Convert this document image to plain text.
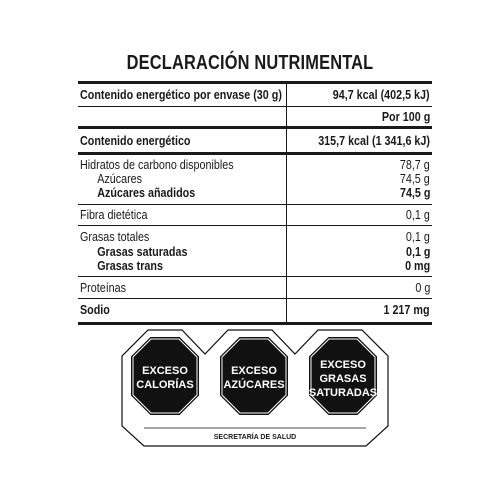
DECLARACIÓN NUTRIMENTAL
Contenido energético por envase (30 g)	94,7 kcal (402,5 kJ)
Por 100 g
Contenido energético	315,7 kcal (1 341,6 kJ)
Hidratos de carbono disponibles	78,7 g
Azúcares	74,5 g
Azúcares añadidos	74,5 g
Fibra dietética	0,1 g
Grasas totales	0,1 g
Grasas saturadas	0,1 g
Grasas trans	0 mg
Proteínas	0 g
Sodio	1 217 mg
EXCESO
CALORÍAS
EXCESO
AZÚCARES
EXCESO
GRASAS
SATURADAS
SECRETARÍA DE SALUD
